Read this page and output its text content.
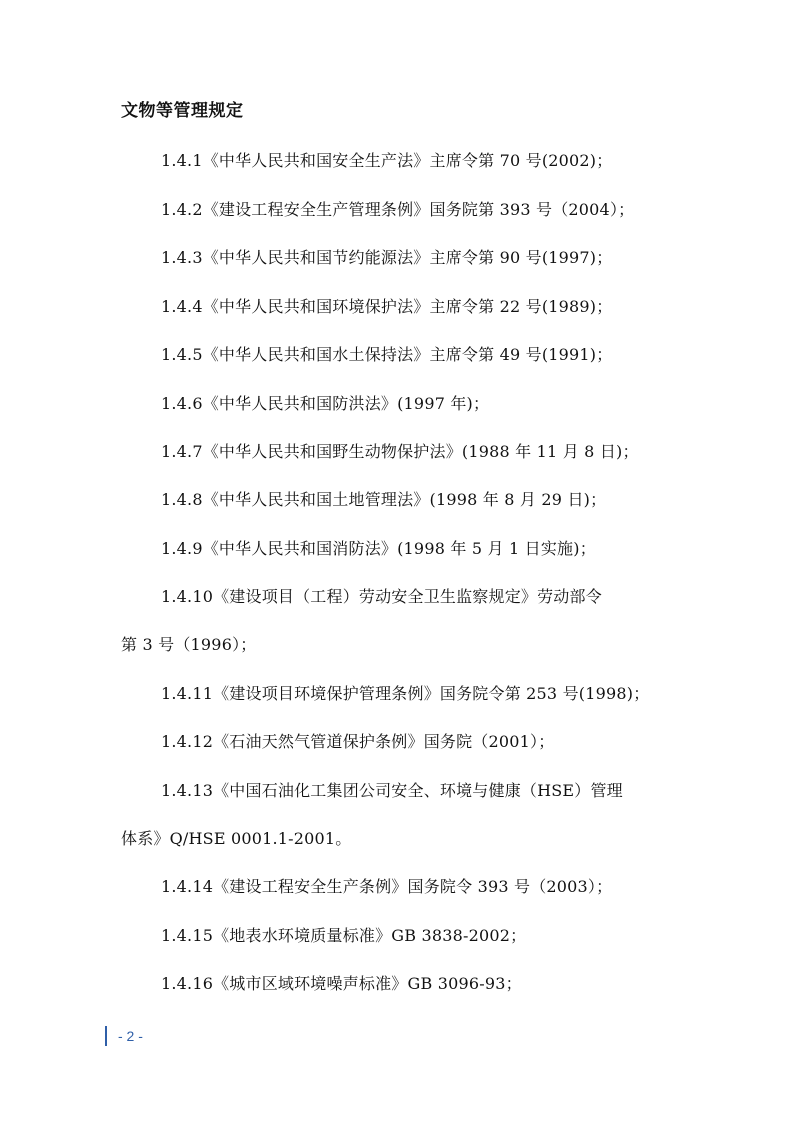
文物等管理规定
1.4.1《中华人民共和国安全生产法》主席令第 70 号(2002)；
1.4.2《建设工程安全生产管理条例》国务院第 393 号（2004）；
1.4.3《中华人民共和国节约能源法》主席令第 90 号(1997)；
1.4.4《中华人民共和国环境保护法》主席令第 22 号(1989)；
1.4.5《中华人民共和国水土保持法》主席令第 49 号(1991)；
1.4.6《中华人民共和国防洪法》(1997 年)；
1.4.7《中华人民共和国野生动物保护法》(1988 年 11 月 8 日)；
1.4.8《中华人民共和国土地管理法》(1998 年 8 月 29 日)；
1.4.9《中华人民共和国消防法》(1998 年 5 月 1 日实施)；
1.4.10《建设项目（工程）劳动安全卫生监察规定》劳动部令
第 3 号（1996）；
1.4.11《建设项目环境保护管理条例》国务院令第 253 号(1998)；
1.4.12《石油天然气管道保护条例》国务院（2001）；
1.4.13《中国石油化工集团公司安全、环境与健康（HSE）管理
体系》Q/HSE 0001.1-2001。
1.4.14《建设工程安全生产条例》国务院令 393 号（2003）；
1.4.15《地表水环境质量标准》GB 3838-2002；
1.4.16《城市区域环境噪声标准》GB 3096-93；
- 2 -
